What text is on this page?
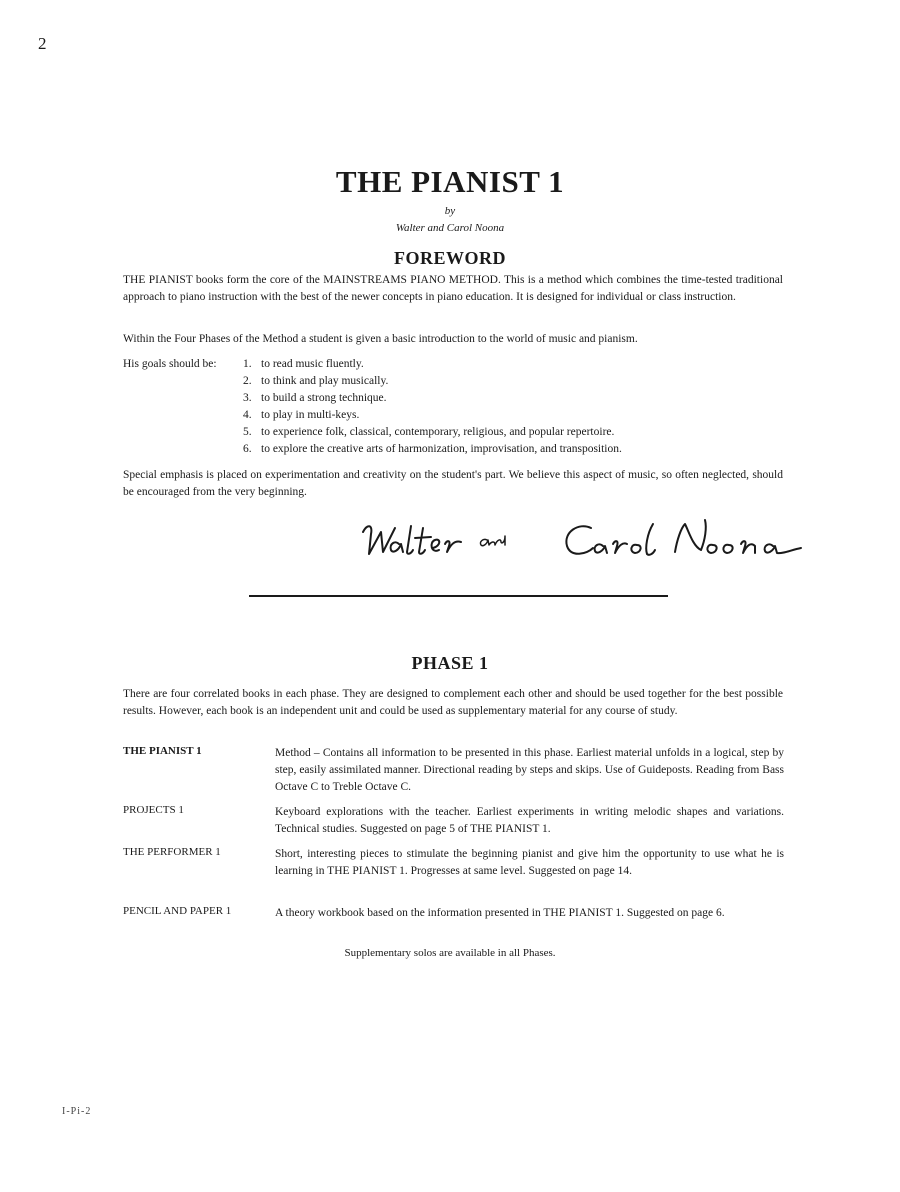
2
THE PIANIST 1
by
Walter and Carol Noona
FOREWORD
THE PIANIST books form the core of the MAINSTREAMS PIANO METHOD. This is a method which combines the time-tested traditional approach to piano instruction with the best of the newer concepts in piano education. It is designed for individual or class instruction.
Within the Four Phases of the Method a student is given a basic introduction to the world of music and pianism.
His goals should be: 1. to read music fluently.
2. to think and play musically.
3. to build a strong technique.
4. to play in multi-keys.
5. to experience folk, classical, contemporary, religious, and popular repertoire.
6. to explore the creative arts of harmonization, improvisation, and transposition.
Special emphasis is placed on experimentation and creativity on the student's part. We believe this aspect of music, so often neglected, should be encouraged from the very beginning.
PHASE 1
There are four correlated books in each phase. They are designed to complement each other and should be used together for the best possible results. However, each book is an independent unit and could be used as supplementary material for any course of study.
THE PIANIST 1	Method – Contains all information to be presented in this phase. Earliest material unfolds in a logical, step by step, easily assimilated manner. Directional reading by steps and skips. Use of Guideposts. Reading from Bass Octave C to Treble Octave C.
PROJECTS 1	Keyboard explorations with the teacher. Earliest experiments in writing melodic shapes and variations. Technical studies. Suggested on page 5 of THE PIANIST 1.
THE PERFORMER 1	Short, interesting pieces to stimulate the beginning pianist and give him the opportunity to use what he is learning in THE PIANIST 1. Progresses at same level. Suggested on page 14.
PENCIL AND PAPER 1	A theory workbook based on the information presented in THE PIANIST 1. Suggested on page 6.
Supplementary solos are available in all Phases.
I-Pi-2
